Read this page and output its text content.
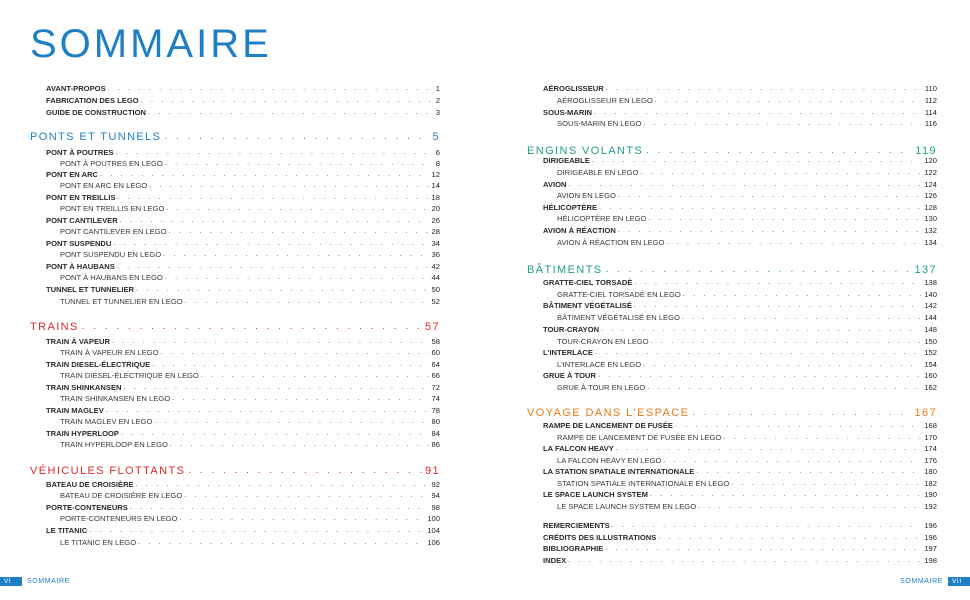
SOMMAIRE
AVANT-PROPOS . . .	1
FABRICATION DES LEGO . . .	2
GUIDE DE CONSTRUCTION . . .	3
PONTS ET TUNNELS . . .	5
PONT À POUTRES . . .	6
PONT À POUTRES EN LEGO . . .	8
PONT EN ARC . . .	12
PONT EN ARC EN LEGO . . .	14
PONT EN TREILLIS . . .	18
PONT EN TREILLIS EN LEGO . . .	20
PONT CANTILEVER . . .	26
PONT CANTILEVER EN LEGO . . .	28
PONT SUSPENDU . . .	34
PONT SUSPENDU EN LEGO . . .	36
PONT À HAUBANS . . .	42
PONT À HAUBANS EN LEGO . . .	44
TUNNEL ET TUNNELIER . . .	50
TUNNEL ET TUNNELIER EN LEGO . . .	52
TRAINS . . .	57
TRAIN À VAPEUR . . .	58
TRAIN À VAPEUR EN LEGO . . .	60
TRAIN DIESEL-ÉLECTRIQUE . . .	64
TRAIN DIESEL-ÉLECTRIQUE EN LEGO . . .	66
TRAIN SHINKANSEN . . .	72
TRAIN SHINKANSEN EN LEGO . . .	74
TRAIN MAGLEV . . .	78
TRAIN MAGLEV EN LEGO . . .	80
TRAIN HYPERLOOP . . .	84
TRAIN HYPERLOOP EN LEGO . . .	86
VÉHICULES FLOTTANTS . . .	91
BATEAU DE CROISIÈRE . . .	92
BATEAU DE CROISIÈRE EN LEGO . . .	94
PORTE-CONTENEURS . . .	98
PORTE-CONTENEURS EN LEGO . . .	100
LE TITANIC . . .	104
LE TITANIC EN LEGO . . .	106
AÉROGLISSEUR . . .	110
AÉROGLISSEUR EN LEGO . . .	112
SOUS-MARIN . . .	114
SOUS-MARIN EN LEGO . . .	116
ENGINS VOLANTS . . .	119
DIRIGEABLE . . .	120
DIRIGEABLE EN LEGO . . .	122
AVION . . .	124
AVION EN LEGO . . .	126
HÉLICOPTÈRE . . .	128
HÉLICOPTÈRE EN LEGO . . .	130
AVION À RÉACTION . . .	132
AVION À RÉACTION EN LEGO . . .	134
BÂTIMENTS . . .	137
GRATTE-CIEL TORSADÉ . . .	138
GRATTE-CIEL TORSADÉ EN LEGO . . .	140
BÂTIMENT VÉGÉTALISÉ . . .	142
BÂTIMENT VÉGÉTALISÉ EN LEGO . . .	144
TOUR-CRAYON . . .	148
TOUR-CRAYON EN LEGO . . .	150
L'INTERLACE . . .	152
L'INTERLACE EN LEGO . . .	154
GRUE À TOUR . . .	160
GRUE À TOUR EN LEGO . . .	162
VOYAGE DANS L'ESPACE . . .	167
RAMPE DE LANCEMENT DE FUSÉE . . .	168
RAMPE DE LANCEMENT DE FUSÉE EN LEGO . . .	170
LA FALCON HEAVY . . .	174
LA FALCON HEAVY EN LEGO . . .	176
LA STATION SPATIALE INTERNATIONALE . . .	180
STATION SPATIALE INTERNATIONALE EN LEGO . . .	182
LE SPACE LAUNCH SYSTEM . . .	190
LE SPACE LAUNCH SYSTEM EN LEGO . . .	192
REMERCIEMENTS . . .	196
CRÉDITS DES ILLUSTRATIONS . . .	196
BIBLIOGRAPHIE . . .	197
INDEX . . .	198
VI	SOMMAIRE	SOMMAIRE	VII
